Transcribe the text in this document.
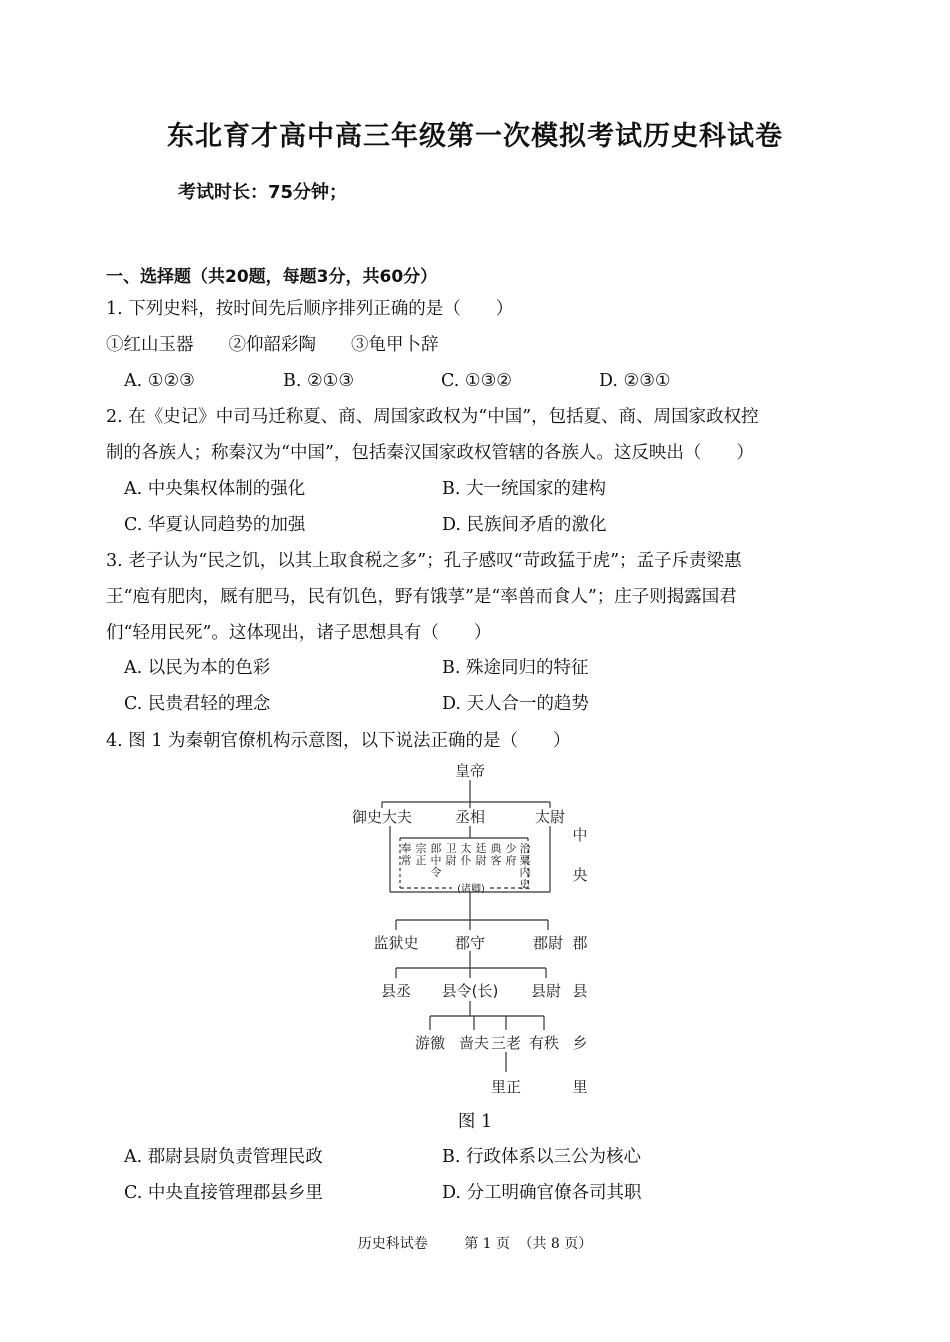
东北育才高中高三年级第一次模拟考试历史科试卷
考试时长：75分钟；
一、选择题（共20题，每题3分，共60分）
1. 下列史料，按时间先后顺序排列正确的是（　　）
①红山玉器　　②仰韶彩陶　　③龟甲卜辞
A. ①②③	B. ②①③	C. ①③②	D. ②③①
2. 在《史记》中司马迁称夏、商、周国家政权为“中国”，包括夏、商、周国家政权控
制的各族人；称秦汉为“中国”，包括秦汉国家政权管辖的各族人。这反映出（　　）
A. 中央集权体制的强化	B. 大一统国家的建构
C. 华夏认同趋势的加强	D. 民族间矛盾的激化
3. 老子认为“民之饥，以其上取食税之多”；孔子感叹“苛政猛于虎”；孟子斥责梁惠
王“庖有肥肉，厩有肥马，民有饥色，野有饿莩”是“率兽而食人”；庄子则揭露国君
们“轻用民死”。这体现出，诸子思想具有（　　）
A. 以民为本的色彩	B. 殊途同归的特征
C. 民贵君轻的理念	D. 天人合一的趋势
4. 图 1 为秦朝官僚机构示意图，以下说法正确的是（　　）
皇帝
御史大夫	丞相	太尉
奉常
宗正
郎中令
卫尉
太仆
廷尉
典客
少府
治粟内史
(诸卿)
监狱史 郡守	郡尉
县丞 县令(长) 县尉
游徼 啬夫 三老 有秩
里正
中
央
郡
县
乡
里
图 1
A. 郡尉县尉负责管理民政	B. 行政体系以三公为核心
C. 中央直接管理郡县乡里	D. 分工明确官僚各司其职
历史科试卷	第 1 页 （共 8 页）
